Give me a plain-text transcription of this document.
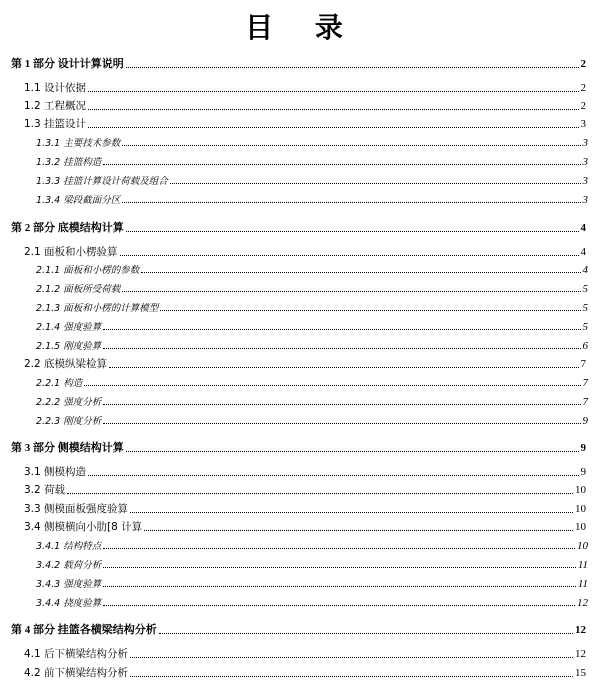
目 录
第 1 部分 设计计算说明	2
1.1 设计依据	2
1.2 工程概况	2
1.3 挂篮设计	3
1.3.1 主要技术参数	3
1.3.2 挂篮构造	3
1.3.3 挂篮计算设计荷载及组合	3
1.3.4 梁段截面分区	3
第 2 部分 底模结构计算	4
2.1 面板和小楞验算	4
2.1.1 面板和小楞的参数	4
2.1.2 面板所受荷载	5
2.1.3 面板和小楞的计算模型	5
2.1.4 强度验算	5
2.1.5 刚度验算	6
2.2 底模纵梁检算	7
2.2.1 构造	7
2.2.2 强度分析	7
2.2.3 刚度分析	9
第 3 部分 侧模结构计算	9
3.1 侧模构造	9
3.2 荷载	10
3.3 侧模面板强度验算	10
3.4 侧模横向小肋[8 计算	10
3.4.1 结构特点	10
3.4.2 载荷分析	11
3.4.3 强度验算	11
3.4.4 挠度验算	12
第 4 部分 挂篮各横梁结构分析	12
4.1 后下横梁结构分析	12
4.2 前下横梁结构分析	15
